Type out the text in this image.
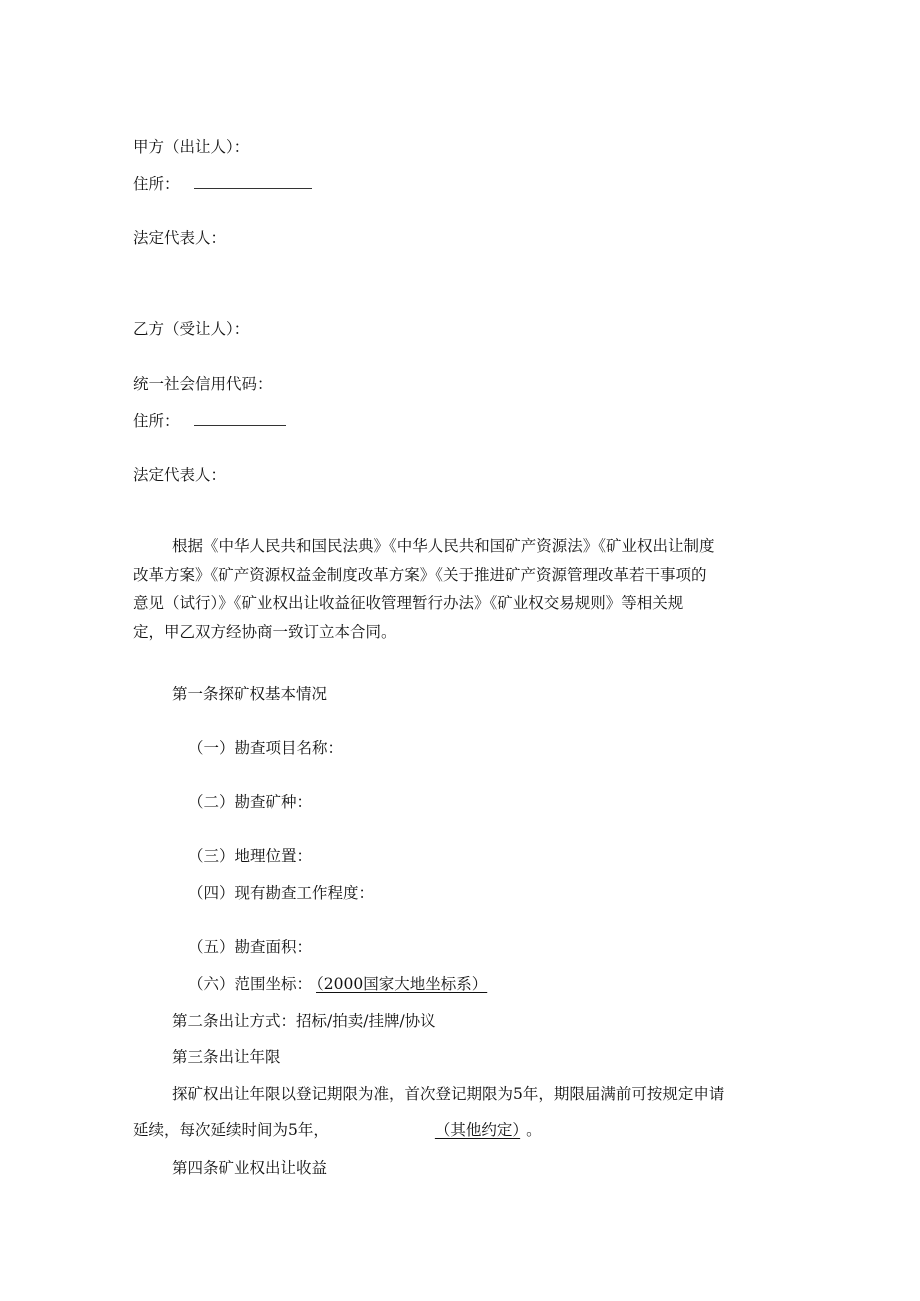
甲方（出让人）：
住所：
法定代表人：
乙方（受让人）：
统一社会信用代码：
住所：
法定代表人：
根据《中华人民共和国民法典》《中华人民共和国矿产资源法》《矿业权出让制度
改革方案》《矿产资源权益金制度改革方案》《关于推进矿产资源管理改革若干事项的
意见（试行）》《矿业权出让收益征收管理暂行办法》《矿业权交易规则》等相关规
定，甲乙双方经协商一致订立本合同。
第一条探矿权基本情况
（一）勘查项目名称：
（二）勘查矿种：
（三）地理位置：
（四）现有勘查工作程度：
（五）勘查面积：
（六）范围坐标： （2000国家大地坐标系）
第二条出让方式：招标/拍卖/挂牌/协议
第三条出让年限
探矿权出让年限以登记期限为准，首次登记期限为5年，期限届满前可按规定申请
延续，每次延续时间为5年，	（其他约定） 。
第四条矿业权出让收益
